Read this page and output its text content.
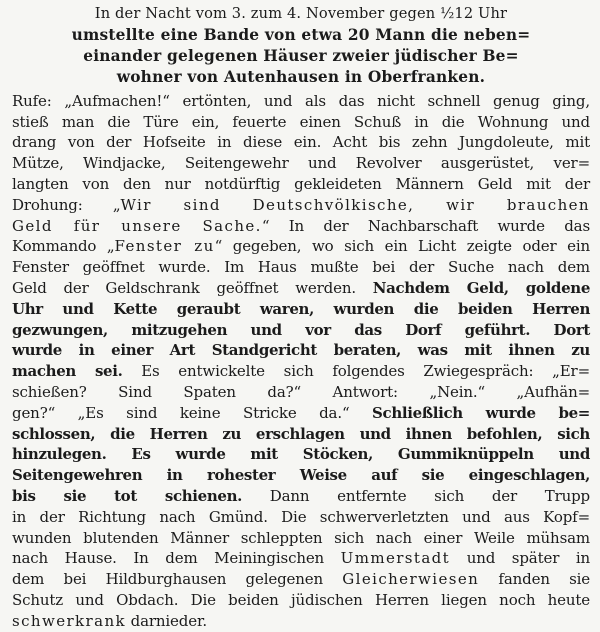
In der Nacht vom 3. zum 4. November gegen ½12 Uhr

umstellte eine Bande von etwa 20 Mann die neben=
einander gelegenen Häuser zweier jüdischer Be=
wohner von Autenhausen in Oberfranken.
Rufe: „Aufmachen!“ ertönten, und als das nicht schnell genug ging,
stieß man die Türe ein, feuerte einen Schuß in die Wohnung und
drang von der Hofseite in diese ein. Acht bis zehn Jungdoleute, mit
Mütze, Windjacke, Seitengewehr und Revolver ausgerüstet, ver=
langten von den nur notdürftig gekleideten Männern Geld mit der
Drohung: „Wir sind Deutschvölkische, wir brauchen
Geld für unsere Sache.“ In der Nachbarschaft wurde das
Kommando „Fenster zu“ gegeben, wo sich ein Licht zeigte oder ein
Fenster geöffnet wurde. Im Haus mußte bei der Suche nach dem
Geld der Geldschrank geöffnet werden. Nachdem Geld, goldene
Uhr und Kette geraubt waren, wurden die beiden Herren
gezwungen, mitzugehen und vor das Dorf geführt. Dort
wurde in einer Art Standgericht beraten, was mit ihnen zu
machen sei. Es entwickelte sich folgendes Zwiegespräch: „Er=
schießen? Sind Spaten da?“ Antwort: „Nein.“ „Aufhän=
gen?“ „Es sind keine Stricke da.“ Schließlich wurde be=
schlossen, die Herren zu erschlagen und ihnen befohlen, sich
hinzulegen. Es wurde mit Stöcken, Gummiknüppeln und
Seitengewehren in rohester Weise auf sie eingeschlagen,
bis sie tot schienen. Dann entfernte sich der Trupp
in der Richtung nach Gmünd. Die schwerverletzten und aus Kopf=
wunden blutenden Männer schleppten sich nach einer Weile mühsam
nach Hause. In dem Meiningischen Ummerstadt und später in
dem bei Hildburghausen gelegenen Gleicherwiesen fanden sie
Schutz und Obdach. Die beiden jüdischen Herren liegen noch heute
schwerkrank darnieder.
